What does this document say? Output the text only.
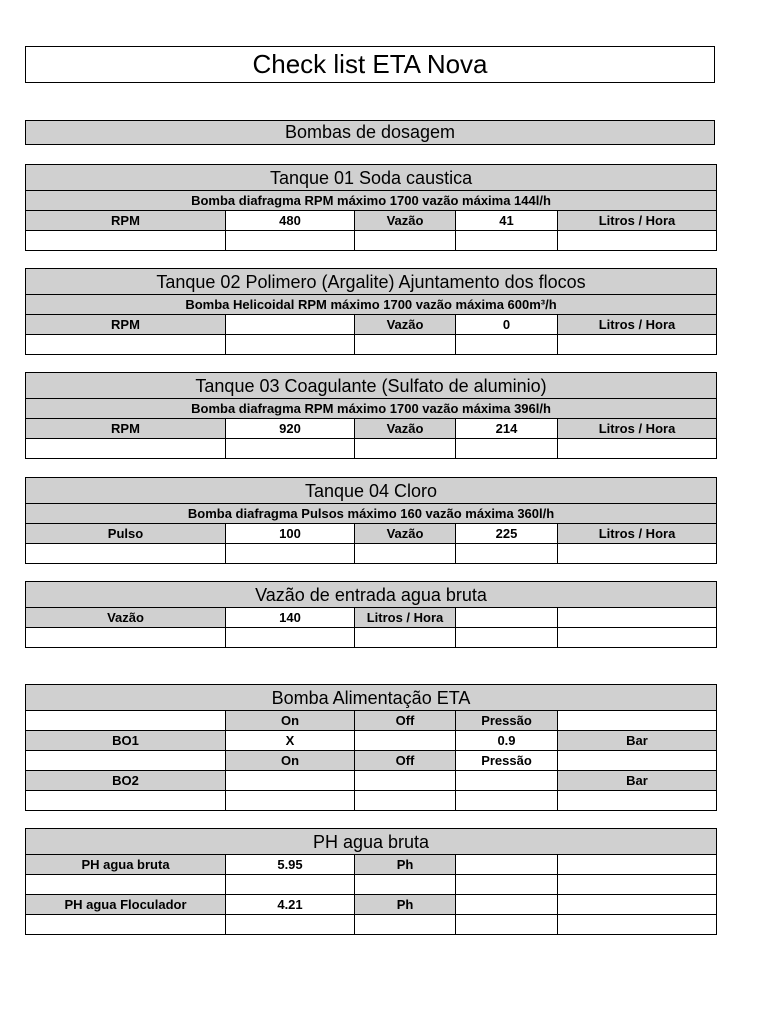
Check list ETA Nova
Bombas de dosagem
Tanque 01 Soda caustica				
Bomba diafragma RPM máximo 1700 vazão máxima 144l/h				
RPM	480	Vazão	41	Litros / Hora

Tanque 02 Polimero (Argalite) Ajuntamento dos flocos				
Bomba Helicoidal RPM máximo 1700 vazão máxima 600m³/h				
RPM		Vazão	0	Litros / Hora

Tanque 03 Coagulante (Sulfato de aluminio)				
Bomba diafragma RPM máximo 1700 vazão máxima 396l/h				
RPM	920	Vazão	214	Litros / Hora

Tanque 04 Cloro				
Bomba diafragma Pulsos máximo 160 vazão máxima 360l/h				
Pulso	100	Vazão	225	Litros / Hora

Vazão de entrada agua bruta				
Vazão	140	Litros / Hora		

Bomba Alimentação ETA				
	On	Off	Pressão	
BO1	X		0.9	Bar
	On	Off	Pressão	
BO2				Bar

PH agua bruta				
PH agua bruta	5.95	Ph		

PH agua Floculador	4.21	Ph		
